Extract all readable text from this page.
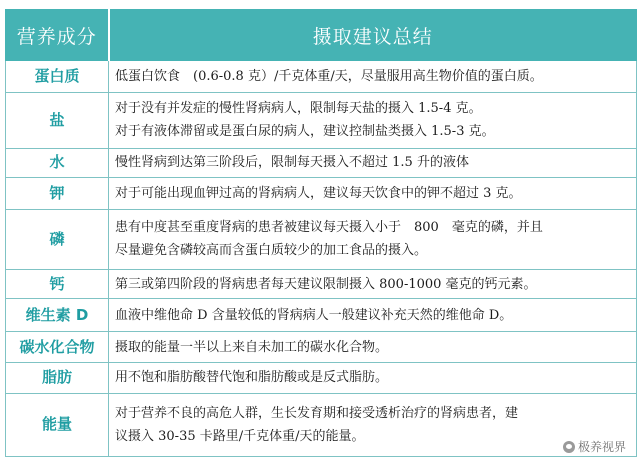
营养成分	摄取建议总结
蛋白质	低蛋白饮食　(0.6-0.8 克）/千克体重/天，尽量服用高生物价值的蛋白质。

盐	对于没有并发症的慢性肾病病人，限制每天盐的摄入 1.5-4 克。
对于有液体滞留或是蛋白尿的病人，建议控制盐类摄入 1.5-3 克。

水	慢性肾病到达第三阶段后，限制每天摄入不超过 1.5 升的液体

钾	对于可能出现血钾过高的肾病病人，建议每天饮食中的钾不超过 3 克。

磷	患有中度甚至重度肾病的患者被建议每天摄入小于　800　毫克的磷，并且
尽量避免含磷较高而含蛋白质较少的加工食品的摄入。

钙	第三或第四阶段的肾病患者每天建议限制摄入 800-1000 毫克的钙元素。

维生素 D	血液中维他命 D 含量较低的肾病病人一般建议补充天然的维他命 D。

碳水化合物	摄取的能量一半以上来自未加工的碳水化合物。

脂肪	用不饱和脂肪酸替代饱和脂肪酸或是反式脂肪。

能量	对于营养不良的高危人群，生长发育期和接受透析治疗的肾病患者，建
议摄入 30-35 卡路里/千克体重/天的能量。
极养视界
